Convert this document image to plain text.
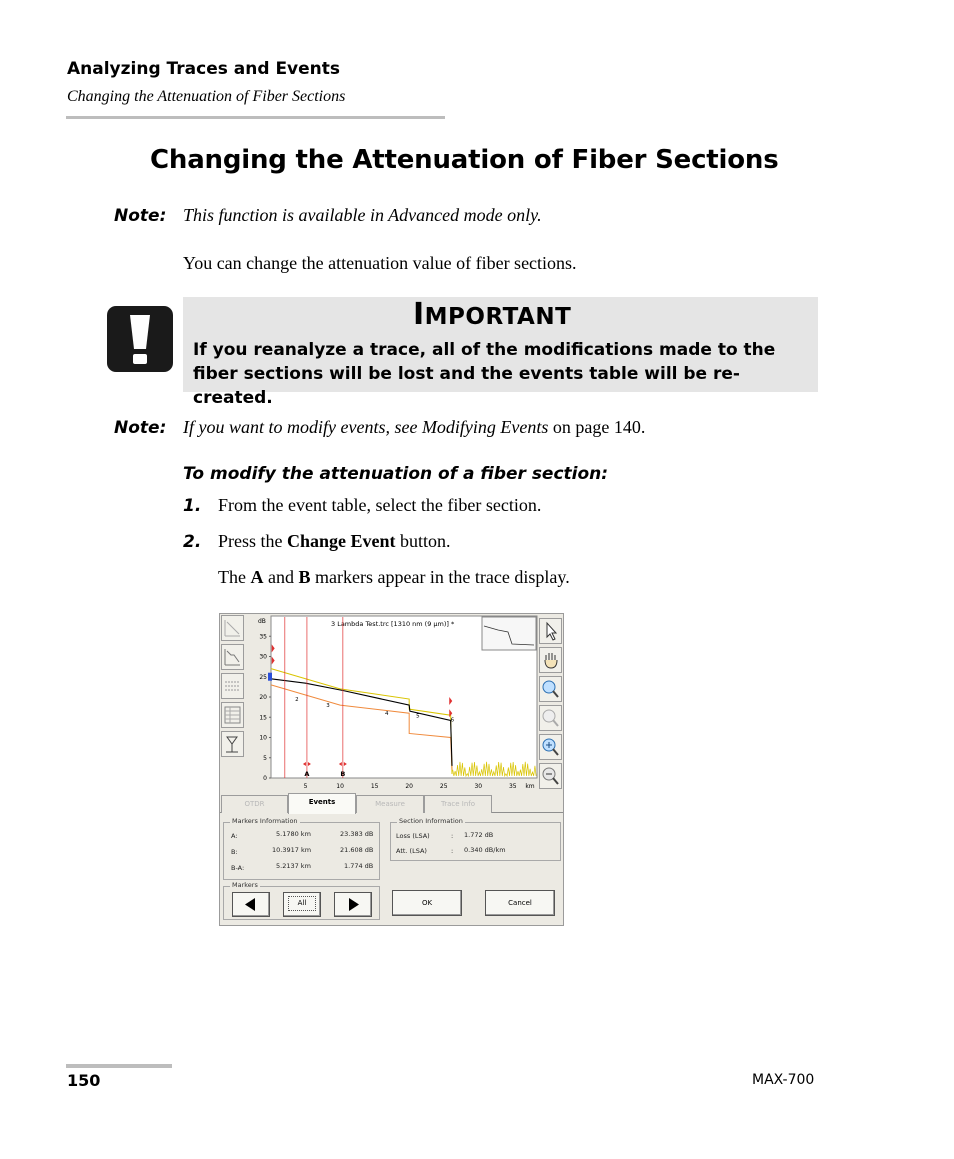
Analyzing Traces and Events
Changing the Attenuation of Fiber Sections
Changing the Attenuation of Fiber Sections
Note: This function is available in Advanced mode only.
You can change the attenuation value of fiber sections.
IMPORTANT
If you reanalyze a trace, all of the modifications made to the fiber sections will be lost and the events table will be re-created.
Note: If you want to modify events, see Modifying Events on page 140.
To modify the attenuation of a fiber section:
1. From the event table, select the fiber section.
2. Press the Change Event button.
The A and B markers appear in the trace display.
dB
35
30
25
20
15
10
5
0
5	10	15	20	25	30	35 km
3 Lambda Test.trc [1310 nm (9 µm)] *
2
3
4	5
6
A	B
OTDR	Events	Measure	Trace Info
Markers Information
A:	5.1780 km	23.383 dB
B:	10.3917 km	21.608 dB
B-A:	5.2137 km	1.774 dB
Section Information
Loss (LSA)	: 1.772 dB
Att. (LSA)	: 0.340 dB/km
Markers
All	OK	Cancel
150	MAX-700
